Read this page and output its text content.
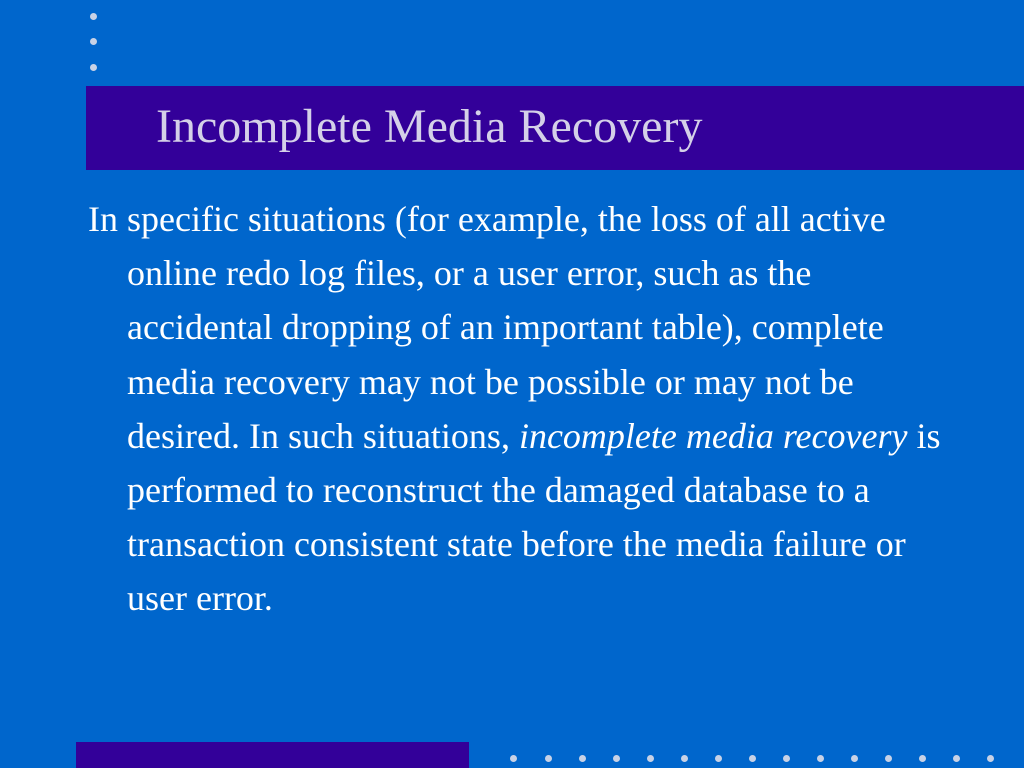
Incomplete Media Recovery

In specific situations (for example, the loss of all active online redo log files, or a user error, such as the accidental dropping of an important table), complete media recovery may not be possible or may not be desired. In such situations, incomplete media recovery is performed to reconstruct the damaged database to a transaction consistent state before the media failure or user error.
